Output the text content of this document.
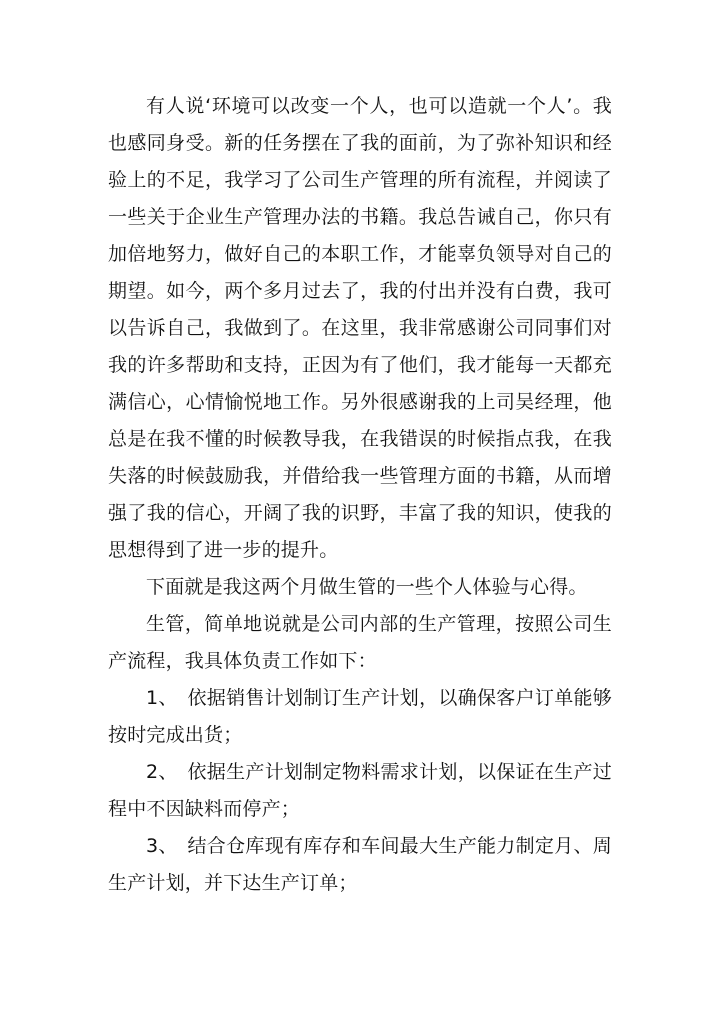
有人说‘环境可以改变一个人，也可以造就一个人’。我也感同身受。新的任务摆在了我的面前，为了弥补知识和经验上的不足，我学习了公司生产管理的所有流程，并阅读了一些关于企业生产管理办法的书籍。我总告诫自己，你只有加倍地努力，做好自己的本职工作，才能辜负领导对自己的期望。如今，两个多月过去了，我的付出并没有白费，我可以告诉自己，我做到了。在这里，我非常感谢公司同事们对我的许多帮助和支持，正因为有了他们，我才能每一天都充满信心，心情愉悦地工作。另外很感谢我的上司吴经理，他总是在我不懂的时候教导我，在我错误的时候指点我，在我失落的时候鼓励我，并借给我一些管理方面的书籍，从而增强了我的信心，开阔了我的识野，丰富了我的知识，使我的思想得到了进一步的提升。

下面就是我这两个月做生管的一些个人体验与心得。

生管，简单地说就是公司内部的生产管理，按照公司生产流程，我具体负责工作如下：

1、　依据销售计划制订生产计划，以确保客户订单能够按时完成出货；

2、　依据生产计划制定物料需求计划，以保证在生产过程中不因缺料而停产；

3、　结合仓库现有库存和车间最大生产能力制定月、周生产计划，并下达生产订单；
